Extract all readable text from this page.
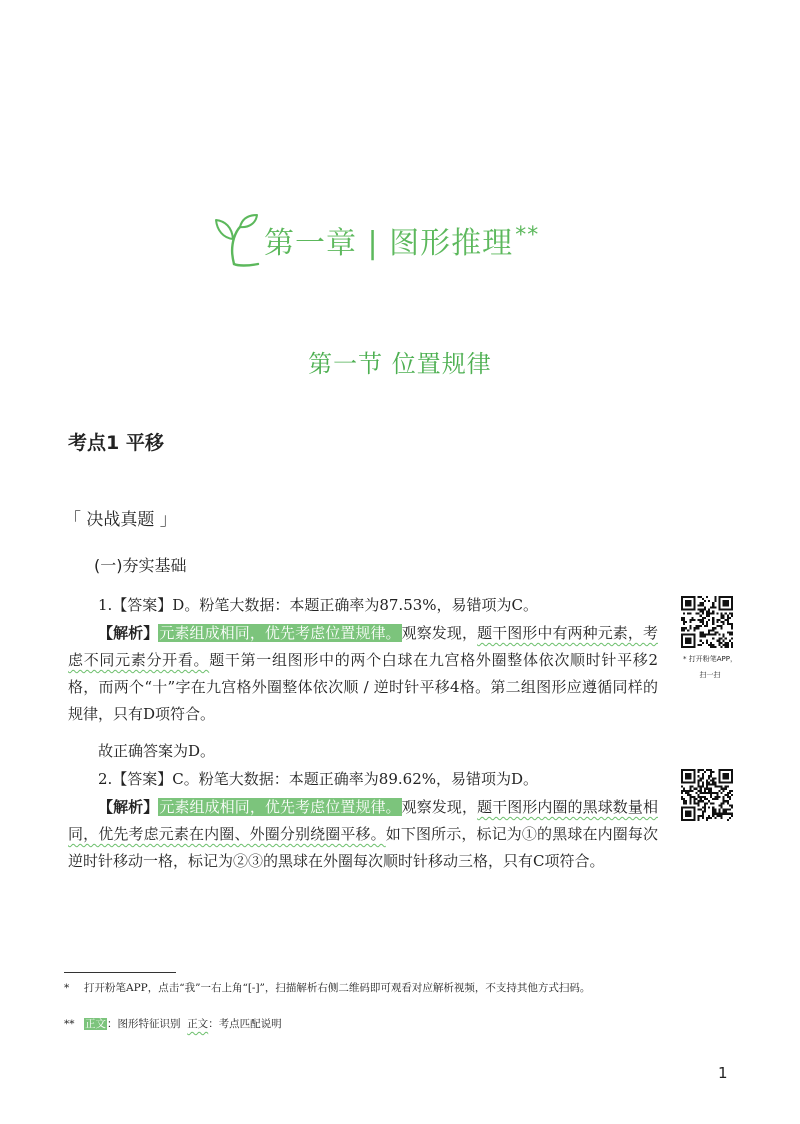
第一章 | 图形推理**
第一节 位置规律
考点1 平移
「 决战真题 」
(一)夯实基础
1.【答案】D。粉笔大数据：本题正确率为87.53%，易错项为C。
【解析】元素组成相同，优先考虑位置规律。观察发现，题干图形中有两种元素，考虑不同元素分开看。题干第一组图形中的两个白球在九宫格外圈整体依次顺时针平移2格，而两个“十”字在九宫格外圈整体依次顺 / 逆时针平移4格。第二组图形应遵循同样的规律，只有D项符合。
故正确答案为D。
2.【答案】C。粉笔大数据：本题正确率为89.62%，易错项为D。
【解析】元素组成相同，优先考虑位置规律。观察发现，题干图形内圈的黑球数量相同，优先考虑元素在内圈、外圈分别绕圈平移。如下图所示，标记为①的黑球在内圈每次逆时针移动一格，标记为②③的黑球在外圈每次顺时针移动三格，只有C项符合。
* 打开粉笔APP，
扫一扫
*	打开粉笔APP，点击“我”一右上角“[-]”，扫描解析右侧二维码即可观看对应解析视频，不支持其他方式扫码。
** 正文：图形特征识别 正文：考点匹配说明
1
